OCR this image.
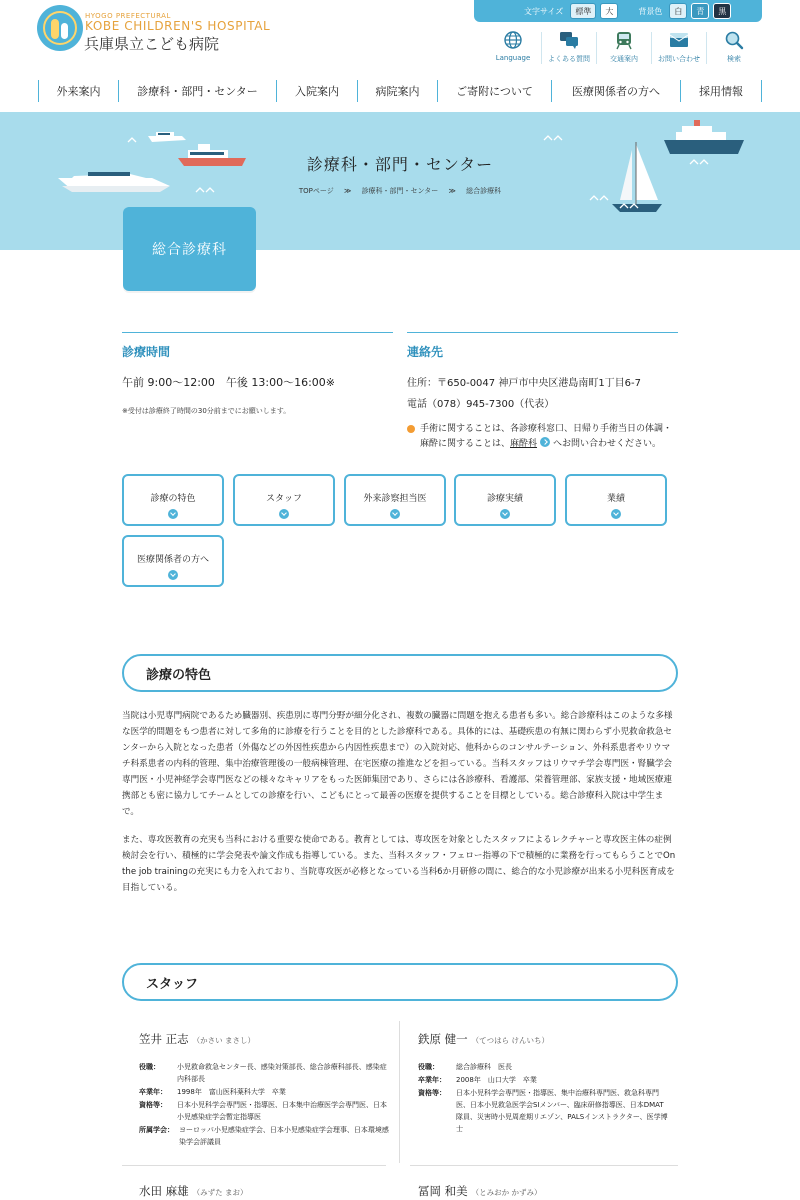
HYOGO PREFECTURAL
KOBE CHILDREN'S HOSPITAL
兵庫県立こども病院
文字サイズ	標準	大	背景色	白	青	黒
Language	よくある質問	交通案内	お問い合わせ	検索
外来案内	診療科・部門・センター	入院案内	病院案内	ご寄附について	医療関係者の方へ	採用情報
診療科・部門・センター
TOPページ ≫ 診療科・部門・センター ≫ 総合診療科
総合診療科
診療時間
午前 9:00〜12:00　午後 13:00〜16:00※
※受付は診療終了時間の30分前までにお願いします。
連絡先
住所：〒650-0047 神戸市中央区港島南町1丁目6-7
電話（078）945-7300（代表）
手術に関することは、各診療科窓口、日帰り手術当日の体調・麻酔に関することは、麻酔科 へお問い合わせください。
診療の特色	スタッフ	外来診察担当医	診療実績	業績
医療関係者の方へ
診療の特色
当院は小児専門病院であるため臓器別、疾患別に専門分野が細分化され、複数の臓器に問題を抱える患者も多い。総合診療科はこのような多様な医学的問題をもつ患者に対して多角的に診療を行うことを目的とした診療科である。具体的には、基礎疾患の有無に関わらず小児救命救急センターから入院となった患者（外傷などの外因性疾患から内因性疾患まで）の入院対応、他科からのコンサルテーション、外科系患者やリウマチ科系患者の内科的管理、集中治療管理後の一般病棟管理、在宅医療の推進などを担っている。当科スタッフはリウマチ学会専門医・腎臓学会専門医・小児神経学会専門医などの様々なキャリアをもった医師集団であり、さらには各診療科、看護部、栄養管理部、家族支援・地域医療連携部とも密に協力してチームとしての診療を行い、こどもにとって最善の医療を提供することを目標としている。総合診療科入院は中学生まで。
また、専攻医教育の充実も当科における重要な使命である。教育としては、専攻医を対象としたスタッフによるレクチャーと専攻医主体の症例検討会を行い、積極的に学会発表や論文作成も指導している。また、当科スタッフ・フェロー指導の下で積極的に業務を行ってもらうことでOn the job trainingの充実にも力を入れており、当院専攻医が必修となっている当科6か月研修の間に、総合的な小児診療が出来る小児科医育成を目指している。
スタッフ
笠井 正志 （かさい まさし）
役職：	小児救命救急センター長、感染対策部長、総合診療科部長、感染症内科部長
卒業年：	1998年　富山医科薬科大学　卒業
資格等：	日本小児科学会専門医・指導医、日本集中治療医学会専門医、日本小児感染症学会暫定指導医
所属学会： ヨーロッパ小児感染症学会、日本小児感染症学会理事、日本環境感染学会評議員
鉄原 健一 （てつはら けんいち）
役職：	総合診療科　医長
卒業年：	2008年　山口大学　卒業
資格等：	日本小児科学会専門医・指導医、集中治療科専門医、救急科専門医、日本小児救急医学会SIメンバー、臨床研修指導医、日本DMAT隊員、災害時小児周産期リエゾン、PALSインストラクター、医学博士
水田 麻雄 （みずた まお）	冨岡 和美 （とみおか かずみ）
